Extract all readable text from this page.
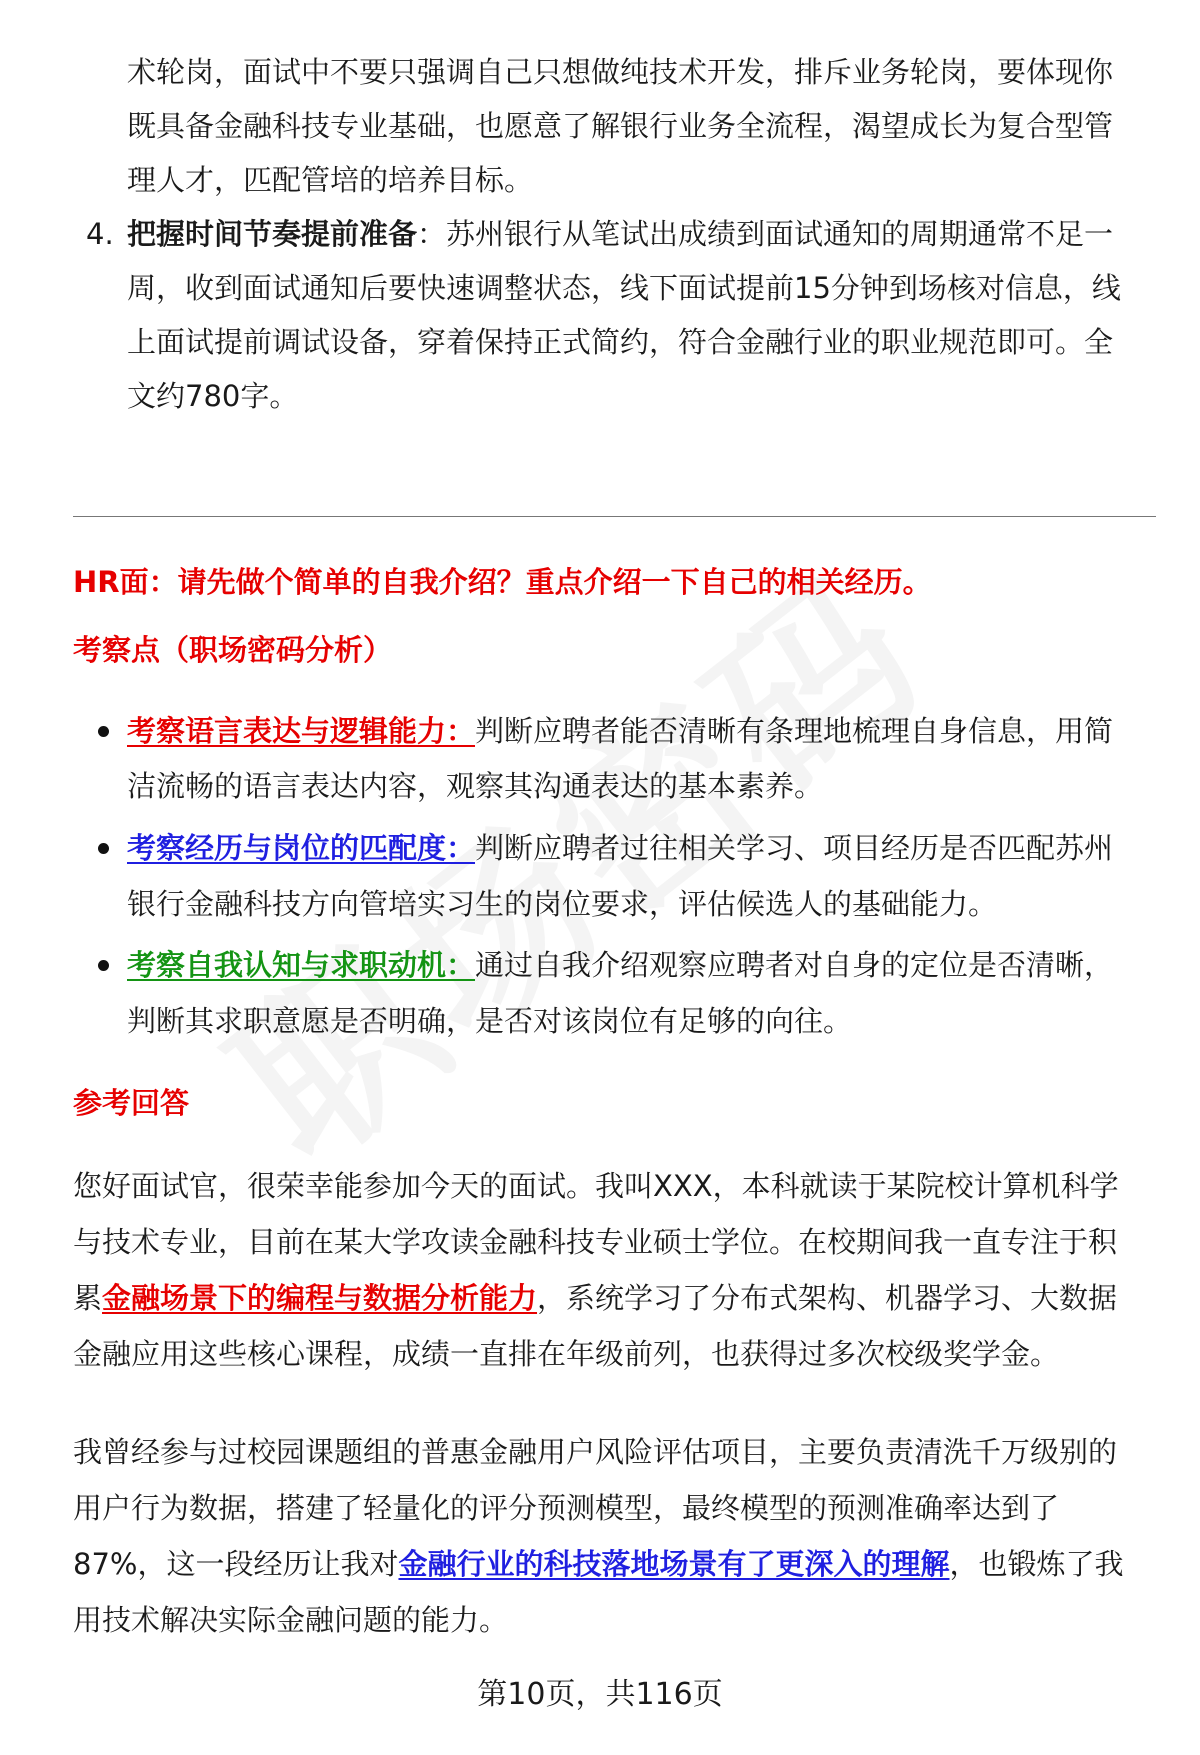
术轮岗，面试中不要只强调自己只想做纯技术开发，排斥业务轮岗，要体现你
既具备金融科技专业基础，也愿意了解银行业务全流程，渴望成长为复合型管
理人才，匹配管培的培养目标。
4. 把握时间节奏提前准备：苏州银行从笔试出成绩到面试通知的周期通常不足一
周，收到面试通知后要快速调整状态，线下面试提前15分钟到场核对信息，线
上面试提前调试设备，穿着保持正式简约，符合金融行业的职业规范即可。全
文约780字。
HR面：请先做个简单的自我介绍？重点介绍一下自己的相关经历。
考察点（职场密码分析）
考察语言表达与逻辑能力：判断应聘者能否清晰有条理地梳理自身信息，用简
洁流畅的语言表达内容，观察其沟通表达的基本素养。
考察经历与岗位的匹配度：判断应聘者过往相关学习、项目经历是否匹配苏州
银行金融科技方向管培实习生的岗位要求，评估候选人的基础能力。
考察自我认知与求职动机：通过自我介绍观察应聘者对自身的定位是否清晰，
判断其求职意愿是否明确，是否对该岗位有足够的向往。
参考回答
您好面试官，很荣幸能参加今天的面试。我叫XXX，本科就读于某院校计算机科学
与技术专业，目前在某大学攻读金融科技专业硕士学位。在校期间我一直专注于积
累金融场景下的编程与数据分析能力，系统学习了分布式架构、机器学习、大数据
金融应用这些核心课程，成绩一直排在年级前列，也获得过多次校级奖学金。
我曾经参与过校园课题组的普惠金融用户风险评估项目，主要负责清洗千万级别的
用户行为数据，搭建了轻量化的评分预测模型，最终模型的预测准确率达到了
87%，这一段经历让我对金融行业的科技落地场景有了更深入的理解，也锻炼了我
用技术解决实际金融问题的能力。
第10页，共116页
